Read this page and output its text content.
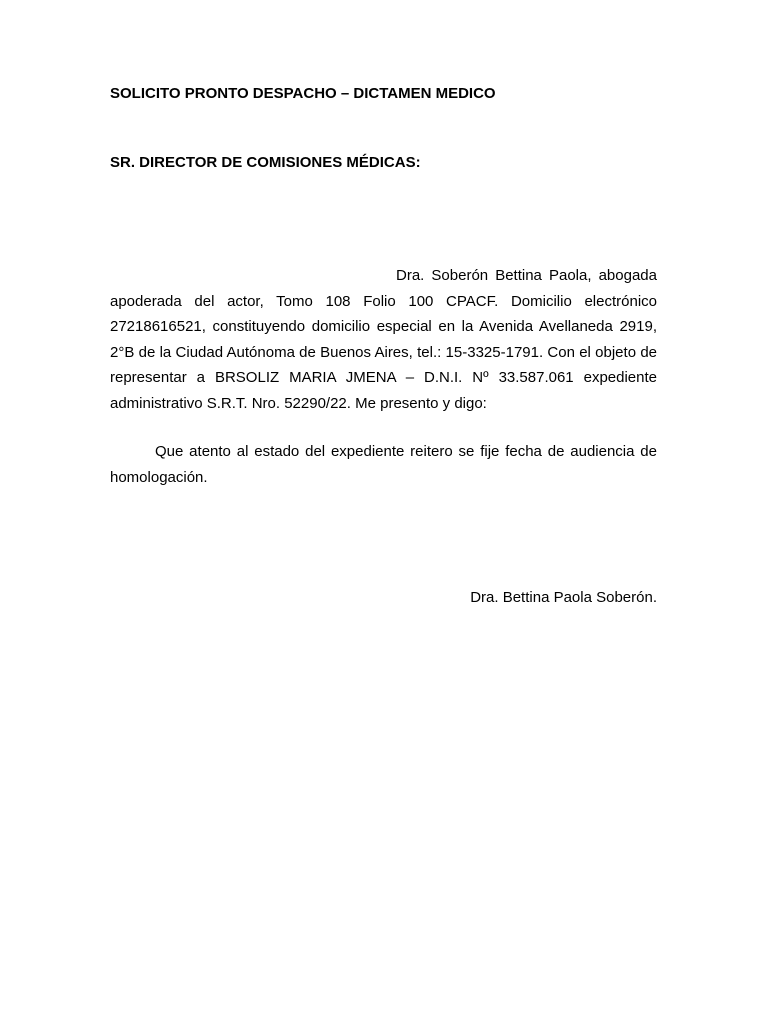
SOLICITO PRONTO DESPACHO – DICTAMEN MEDICO
SR. DIRECTOR DE COMISIONES MÉDICAS:

Dra. Soberón Bettina Paola, abogada apoderada del actor, Tomo 108 Folio 100 CPACF. Domicilio electrónico 27218616521, constituyendo domicilio especial en la Avenida Avellaneda 2919, 2°B de la Ciudad Autónoma de Buenos Aires, tel.: 15-3325-1791. Con el objeto de representar a BRSOLIZ MARIA JMENA – D.N.I. Nº 33.587.061 expediente administrativo S.R.T. Nro. 52290/22. Me presento y digo:

Que atento al estado del expediente reitero se fije fecha de audiencia de homologación.

Dra. Bettina Paola Soberón.
